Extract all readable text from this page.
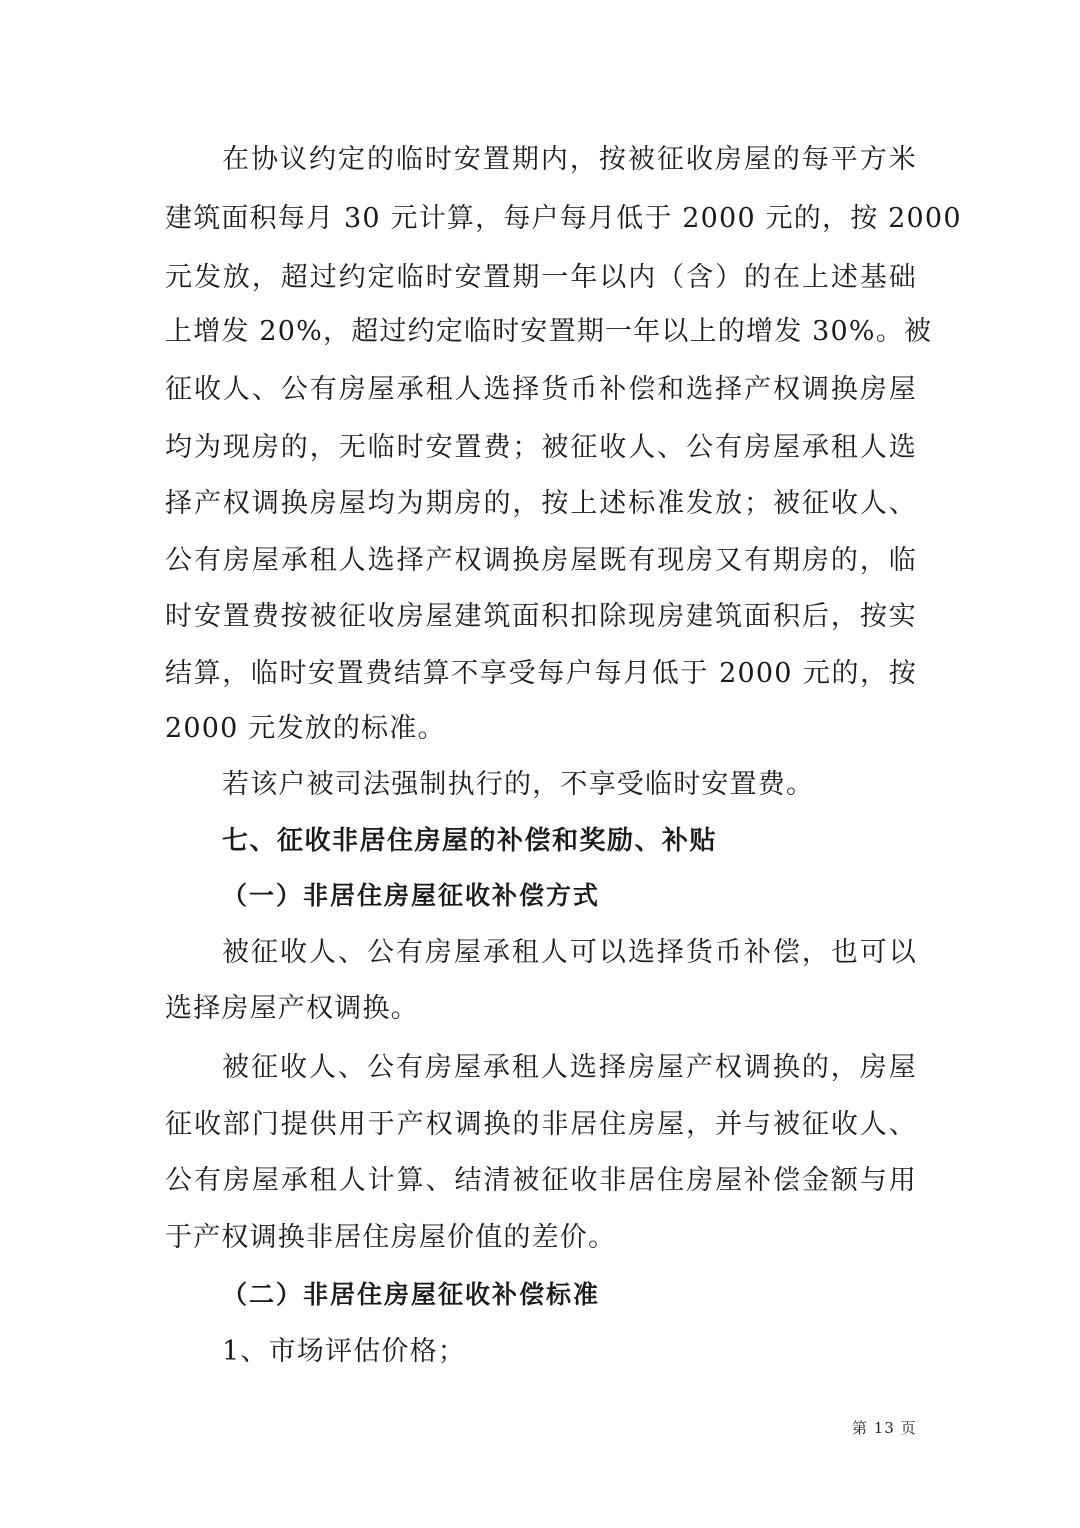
在协议约定的临时安置期内，按被征收房屋的每平方米
建筑面积每月 30 元计算，每户每月低于 2000 元的，按 2000
元发放，超过约定临时安置期一年以内（含）的在上述基础
上增发 20%，超过约定临时安置期一年以上的增发 30%。被
征收人、公有房屋承租人选择货币补偿和选择产权调换房屋
均为现房的，无临时安置费；被征收人、公有房屋承租人选
择产权调换房屋均为期房的，按上述标准发放；被征收人、
公有房屋承租人选择产权调换房屋既有现房又有期房的，临
时安置费按被征收房屋建筑面积扣除现房建筑面积后，按实
结算，临时安置费结算不享受每户每月低于 2000 元的，按
2000 元发放的标准。
若该户被司法强制执行的，不享受临时安置费。
七、征收非居住房屋的补偿和奖励、补贴
（一）非居住房屋征收补偿方式
被征收人、公有房屋承租人可以选择货币补偿，也可以
选择房屋产权调换。
被征收人、公有房屋承租人选择房屋产权调换的，房屋
征收部门提供用于产权调换的非居住房屋，并与被征收人、
公有房屋承租人计算、结清被征收非居住房屋补偿金额与用
于产权调换非居住房屋价值的差价。
（二）非居住房屋征收补偿标准
1、市场评估价格；
第 13 页
